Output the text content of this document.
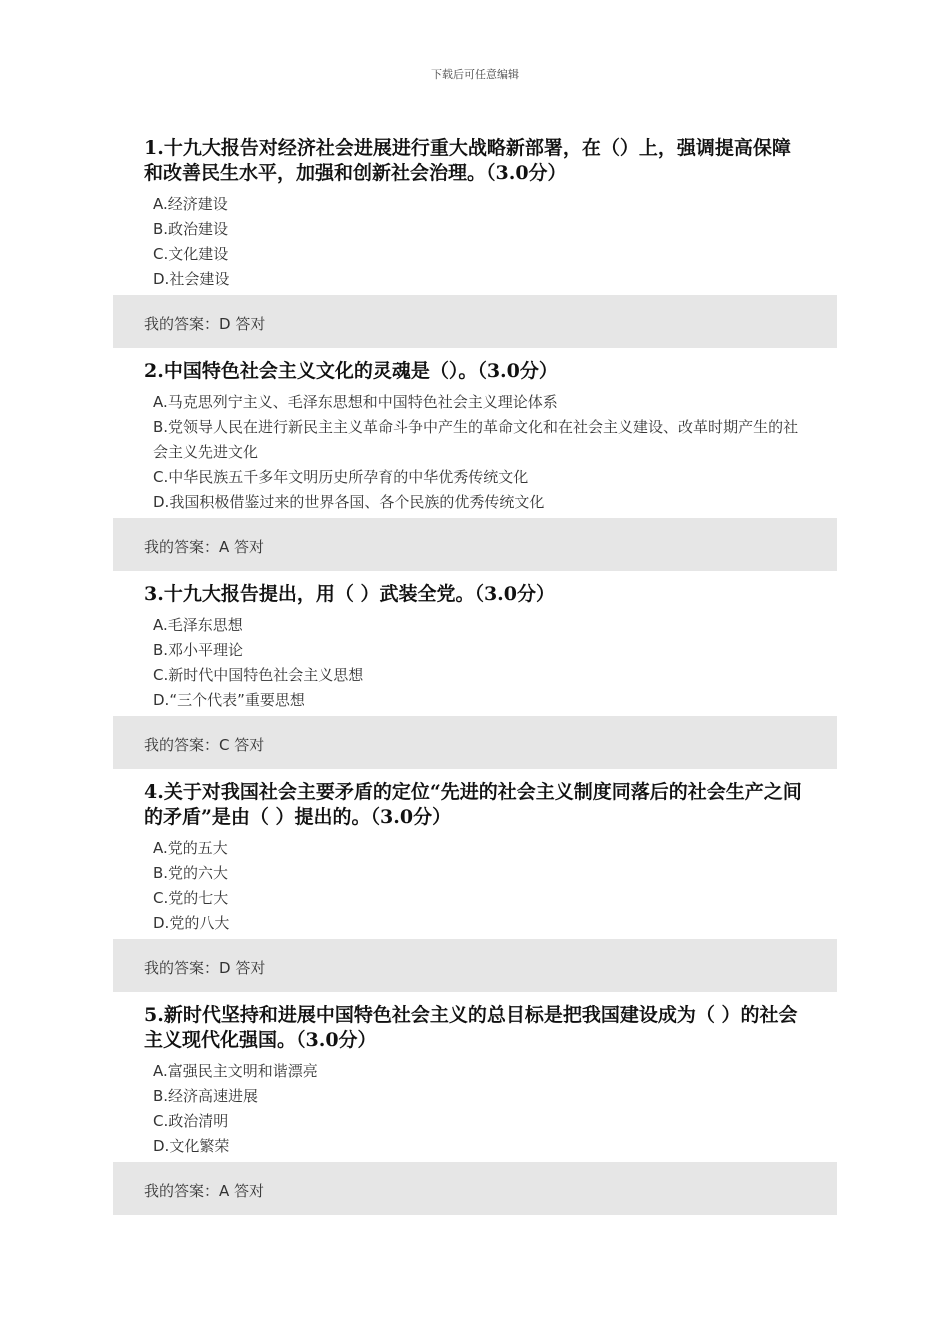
下载后可任意编辑
1.十九大报告对经济社会进展进行重大战略新部署，在（）上，强调提高保障和改善民生水平，加强和创新社会治理。（3.0分）
A.经济建设
B.政治建设
C.文化建设
D.社会建设
我的答案：D 答对
2.中国特色社会主义文化的灵魂是（）。（3.0分）
A.马克思列宁主义、毛泽东思想和中国特色社会主义理论体系
B.党领导人民在进行新民主主义革命斗争中产生的革命文化和在社会主义建设、改革时期产生的社会主义先进文化
C.中华民族五千多年文明历史所孕育的中华优秀传统文化
D.我国积极借鉴过来的世界各国、各个民族的优秀传统文化
我的答案：A 答对
3.十九大报告提出，用（ ）武装全党。（3.0分）
A.毛泽东思想
B.邓小平理论
C.新时代中国特色社会主义思想
D.“三个代表”重要思想
我的答案：C 答对
4.关于对我国社会主要矛盾的定位“先进的社会主义制度同落后的社会生产之间的矛盾”是由（ ）提出的。（3.0分）
A.党的五大
B.党的六大
C.党的七大
D.党的八大
我的答案：D 答对
5.新时代坚持和进展中国特色社会主义的总目标是把我国建设成为（ ）的社会主义现代化强国。（3.0分）
A.富强民主文明和谐漂亮
B.经济高速进展
C.政治清明
D.文化繁荣
我的答案：A 答对
